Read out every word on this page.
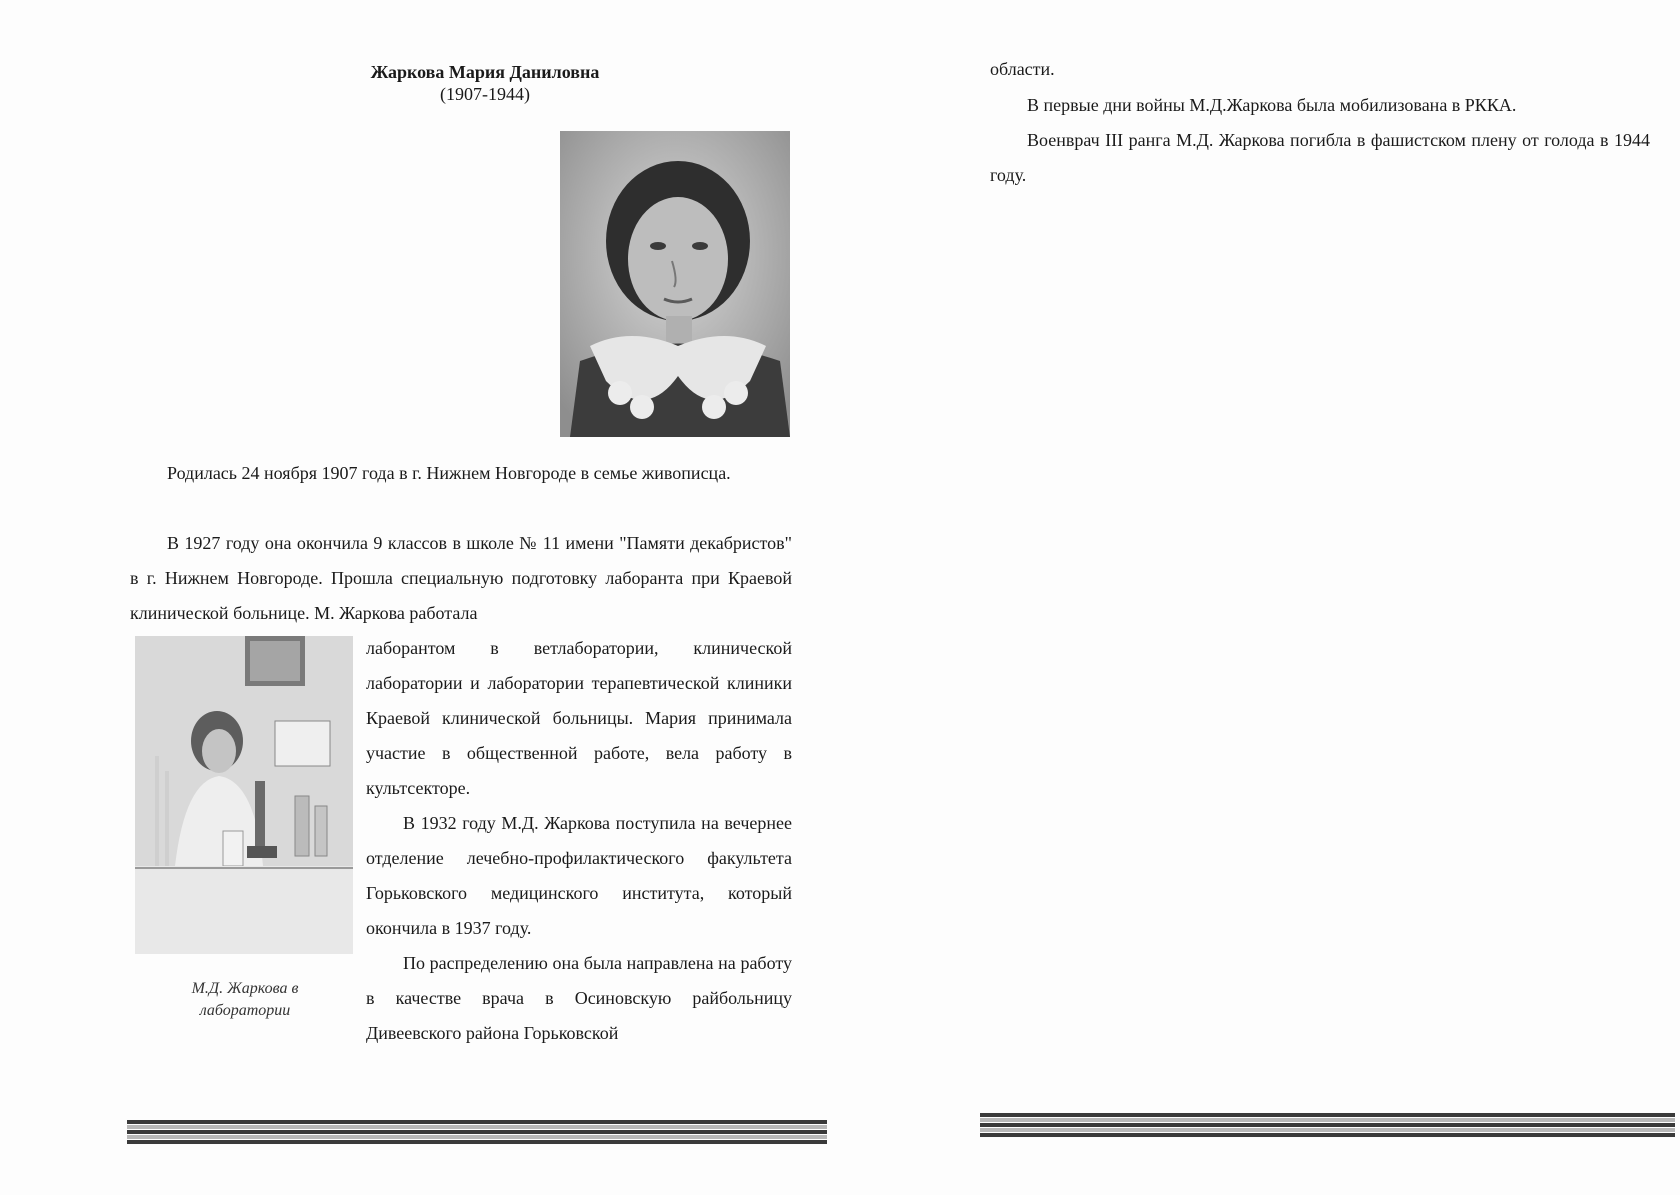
Жаркова Мария Даниловна
(1907-1944)

Родилась 24 ноября 1907 года в г. Нижнем Новгороде в семье живописца.

В 1927 году она окончила 9 классов в школе № 11 имени "Памяти декабристов" в г. Нижнем Новгороде. Прошла специальную подготовку лаборанта при Краевой клинической больнице. М. Жаркова работала

лаборантом в ветлаборатории, клинической лаборатории и лаборатории терапевтической клиники Краевой клинической больницы. Мария принимала участие в общественной работе, вела работу в культсекторе.

М.Д. Жаркова в лаборатории

В 1932 году М.Д. Жаркова поступила на вечернее отделение лечебно-профилактического факультета Горьковского медицинского института, который окончила в 1937 году.

По распределению она была направлена на работу в качестве врача в Осиновскую райбольницу Дивеевского района Горьковской

области.

В первые дни войны М.Д.Жаркова была мобилизована в РККА.

Военврач III ранга М.Д. Жаркова погибла в фашистском плену от голода в 1944 году.
